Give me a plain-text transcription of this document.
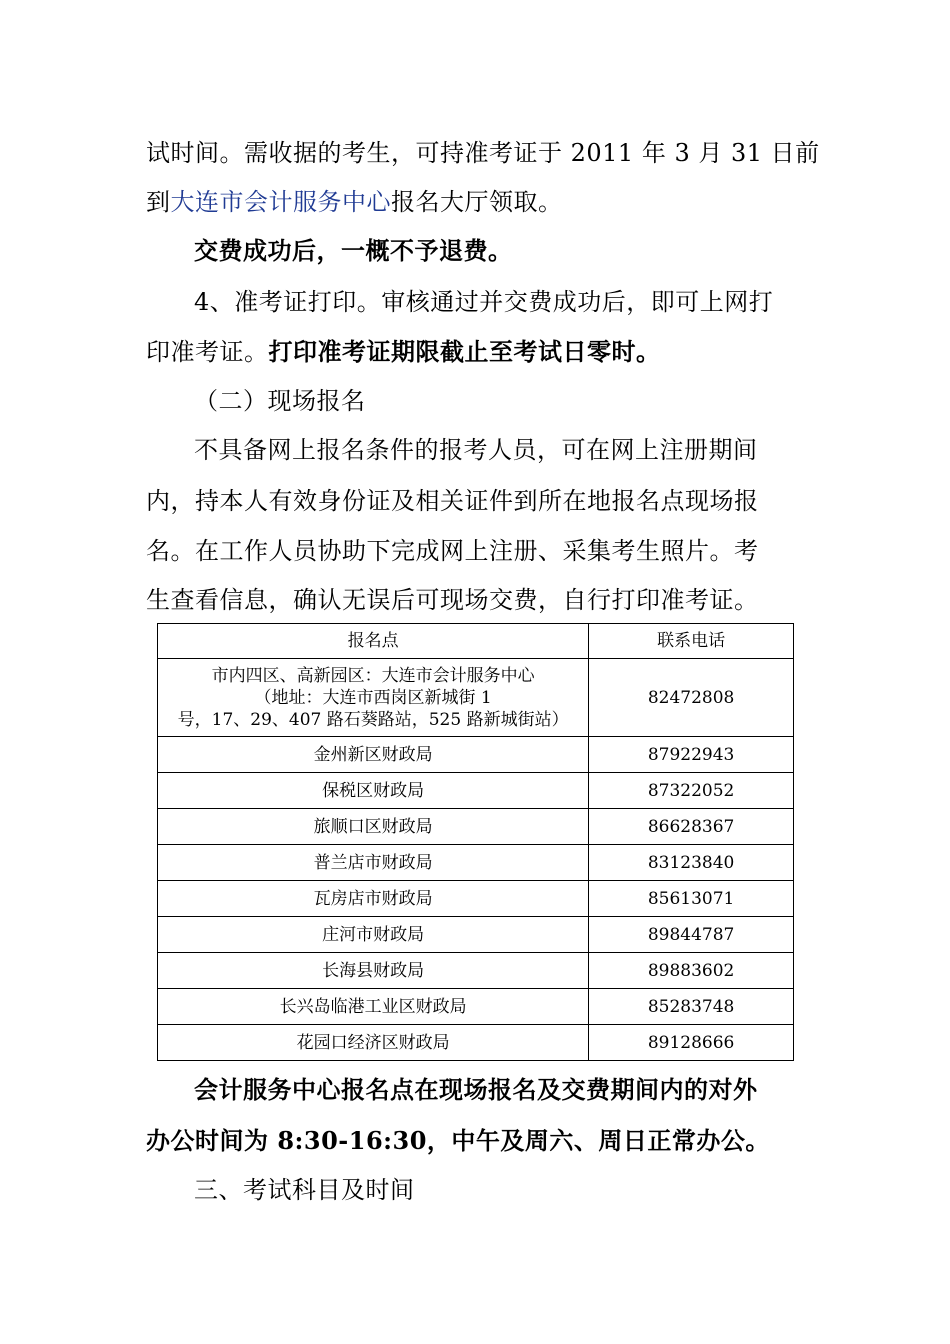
试时间。需收据的考生，可持准考证于 2011 年 3 月 31 日前
到大连市会计服务中心报名大厅领取。
交费成功后，一概不予退费。
4、准考证打印。审核通过并交费成功后，即可上网打
印准考证。打印准考证期限截止至考试日零时。
（二）现场报名
不具备网上报名条件的报考人员，可在网上注册期间
内，持本人有效身份证及相关证件到所在地报名点现场报
名。在工作人员协助下完成网上注册、采集考生照片。考
生查看信息，确认无误后可现场交费，自行打印准考证。
报名点	联系电话

市内四区、高新园区：大连市会计服务中心
（地址：大连市西岗区新城街 1
号，17、29、407 路石葵路站，525 路新城街站）	82472808
金州新区财政局	87922943
保税区财政局	87322052
旅顺口区财政局	86628367
普兰店市财政局	83123840
瓦房店市财政局	85613071
庄河市财政局	89844787
长海县财政局	89883602
长兴岛临港工业区财政局	85283748
花园口经济区财政局	89128666
会计服务中心报名点在现场报名及交费期间内的对外
办公时间为 8:30-16:30，中午及周六、周日正常办公。
三、考试科目及时间
